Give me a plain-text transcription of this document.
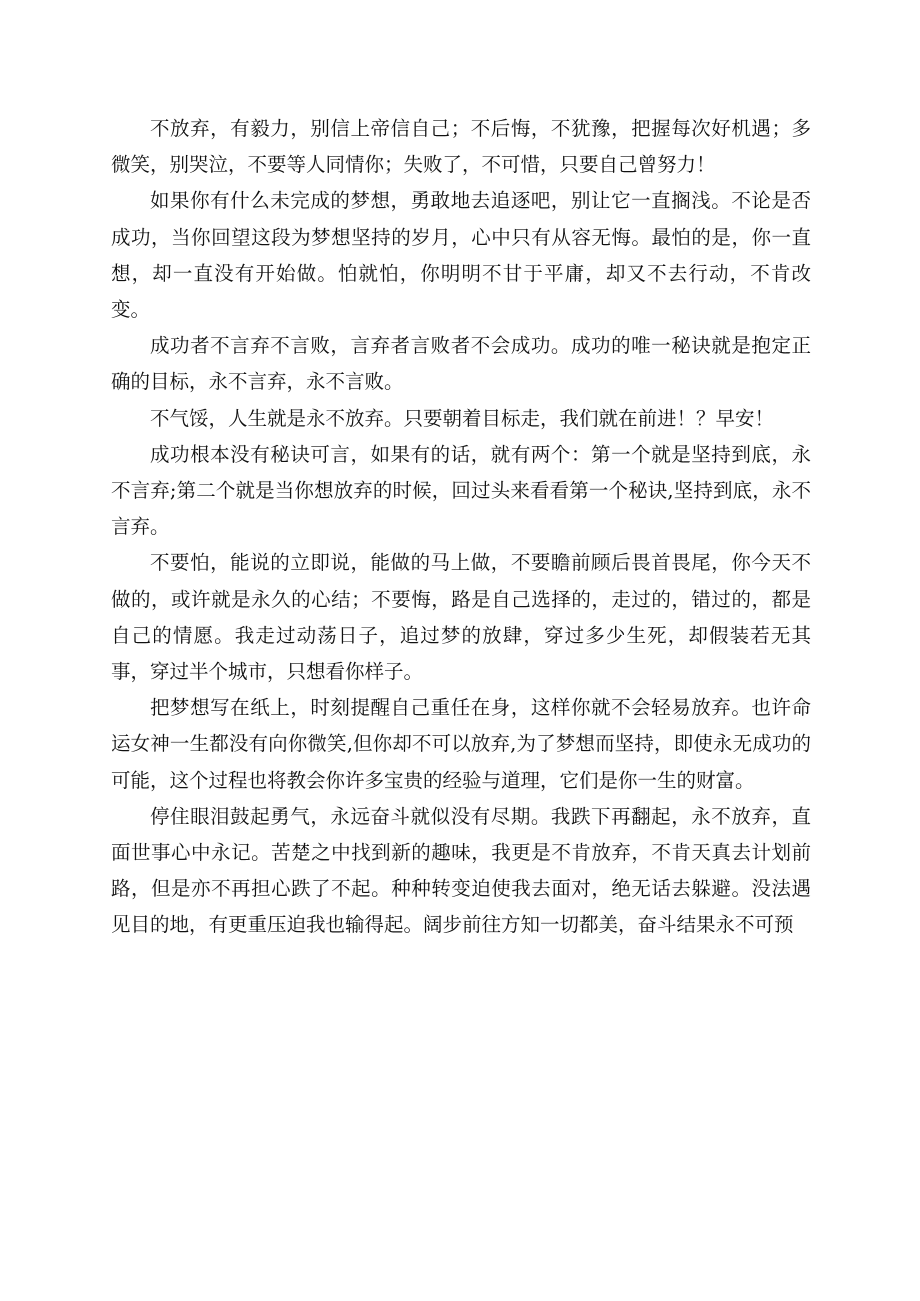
不放弃，有毅力，别信上帝信自己；不后悔，不犹豫，把握每次好机遇；多微笑，别哭泣，不要等人同情你；失败了，不可惜，只要自己曾努力！

如果你有什么未完成的梦想，勇敢地去追逐吧，别让它一直搁浅。不论是否成功，当你回望这段为梦想坚持的岁月，心中只有从容无悔。最怕的是，你一直想，却一直没有开始做。怕就怕，你明明不甘于平庸，却又不去行动，不肯改变。

成功者不言弃不言败，言弃者言败者不会成功。成功的唯一秘诀就是抱定正确的目标，永不言弃，永不言败。

不气馁，人生就是永不放弃。只要朝着目标走，我们就在前进！？早安！

成功根本没有秘诀可言，如果有的话，就有两个：第一个就是坚持到底，永不言弃;第二个就是当你想放弃的时候，回过头来看看第一个秘诀,坚持到底，永不言弃。

不要怕，能说的立即说，能做的马上做，不要瞻前顾后畏首畏尾，你今天不做的，或许就是永久的心结；不要悔，路是自己选择的，走过的，错过的，都是自己的情愿。我走过动荡日子，追过梦的放肆，穿过多少生死，却假装若无其事，穿过半个城市，只想看你样子。

把梦想写在纸上，时刻提醒自己重任在身，这样你就不会轻易放弃。也许命运女神一生都没有向你微笑,但你却不可以放弃,为了梦想而坚持，即使永无成功的可能，这个过程也将教会你许多宝贵的经验与道理，它们是你一生的财富。

停住眼泪鼓起勇气，永远奋斗就似没有尽期。我跌下再翻起，永不放弃，直面世事心中永记。苦楚之中找到新的趣味，我更是不肯放弃，不肯天真去计划前路，但是亦不再担心跌了不起。种种转变迫使我去面对，绝无话去躲避。没法遇见目的地，有更重压迫我也输得起。阔步前往方知一切都美，奋斗结果永不可预
